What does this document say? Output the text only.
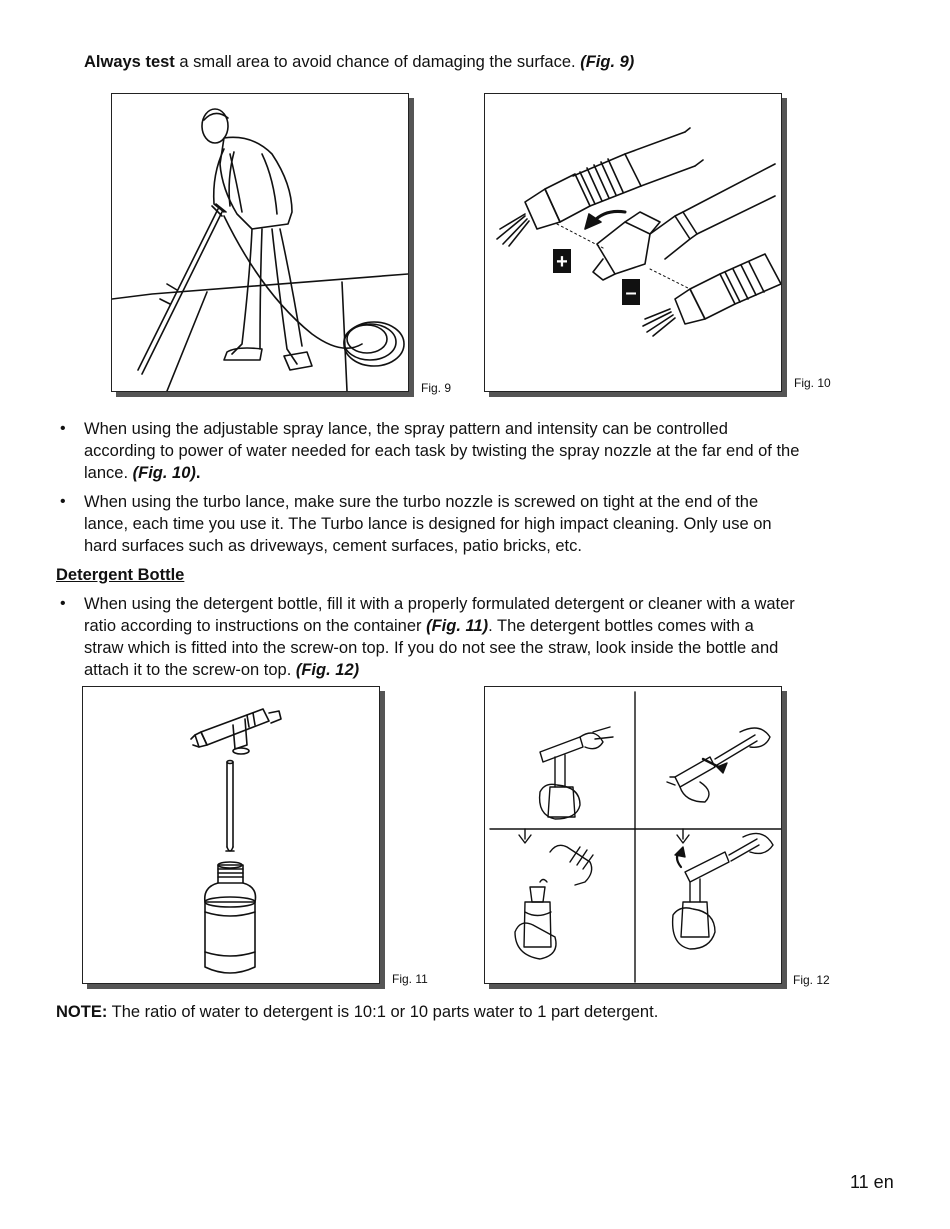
Always test a small area to avoid chance of damaging the surface. (Fig. 9)
Fig. 9
+
–
Fig. 10
• When using the adjustable spray lance, the spray pattern and intensity can be controlled
according to power of water needed for each task by twisting the spray nozzle at the far end of the
lance. (Fig. 10).
• When using the turbo lance, make sure the turbo nozzle is screwed on tight at the end of the
lance, each time you use it. The Turbo lance is designed for high impact cleaning. Only use on
hard surfaces such as driveways, cement surfaces, patio bricks, etc.
Detergent Bottle
• When using the detergent bottle, fill it with a properly formulated detergent or cleaner with a water
ratio according to instructions on the container (Fig. 11). The detergent bottles comes with a
straw which is fitted into the screw-on top. If you do not see the straw, look inside the bottle and
attach it to the screw-on top. (Fig. 12)
Fig. 11	Fig. 12
NOTE: The ratio of water to detergent is 10:1 or 10 parts water to 1 part detergent.
11 en
